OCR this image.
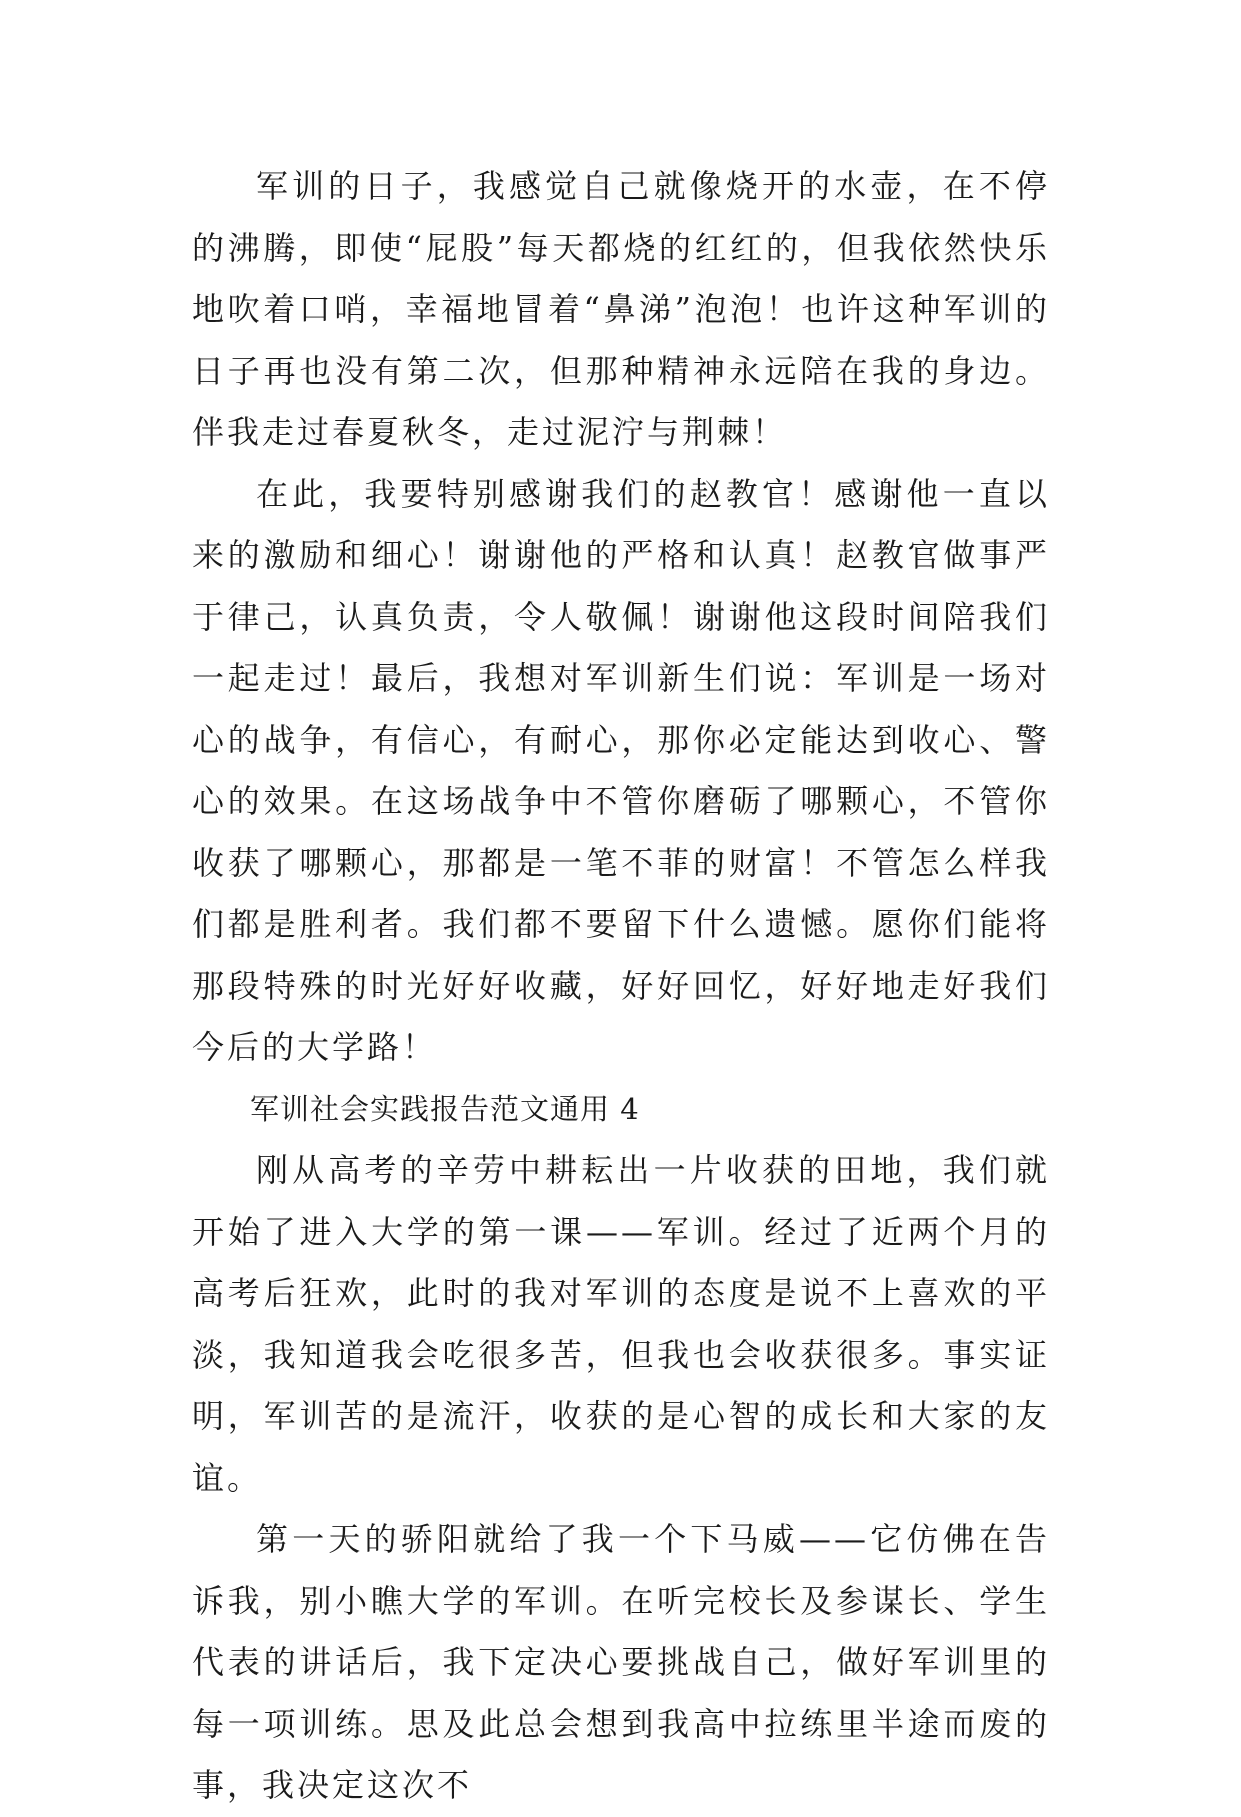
军训的日子，我感觉自己就像烧开的水壶，在不停的沸腾，即使“屁股”每天都烧的红红的，但我依然快乐地吹着口哨，幸福地冒着“鼻涕”泡泡！也许这种军训的日子再也没有第二次，但那种精神永远陪在我的身边。伴我走过春夏秋冬，走过泥泞与荆棘！

在此，我要特别感谢我们的赵教官！感谢他一直以来的激励和细心！谢谢他的严格和认真！赵教官做事严于律己，认真负责，令人敬佩！谢谢他这段时间陪我们一起走过！最后，我想对军训新生们说：军训是一场对心的战争，有信心，有耐心，那你必定能达到收心、警心的效果。在这场战争中不管你磨砺了哪颗心，不管你收获了哪颗心，那都是一笔不菲的财富！不管怎么样我们都是胜利者。我们都不要留下什么遗憾。愿你们能将那段特殊的时光好好收藏，好好回忆，好好地走好我们今后的大学路！

军训社会实践报告范文通用 4

刚从高考的辛劳中耕耘出一片收获的田地，我们就开始了进入大学的第一课——军训。经过了近两个月的高考后狂欢，此时的我对军训的态度是说不上喜欢的平淡，我知道我会吃很多苦，但我也会收获很多。事实证明，军训苦的是流汗，收获的是心智的成长和大家的友谊。

第一天的骄阳就给了我一个下马威——它仿佛在告诉我，别小瞧大学的军训。在听完校长及参谋长、学生代表的讲话后，我下定决心要挑战自己，做好军训里的每一项训练。思及此总会想到我高中拉练里半途而废的事，我决定这次不
